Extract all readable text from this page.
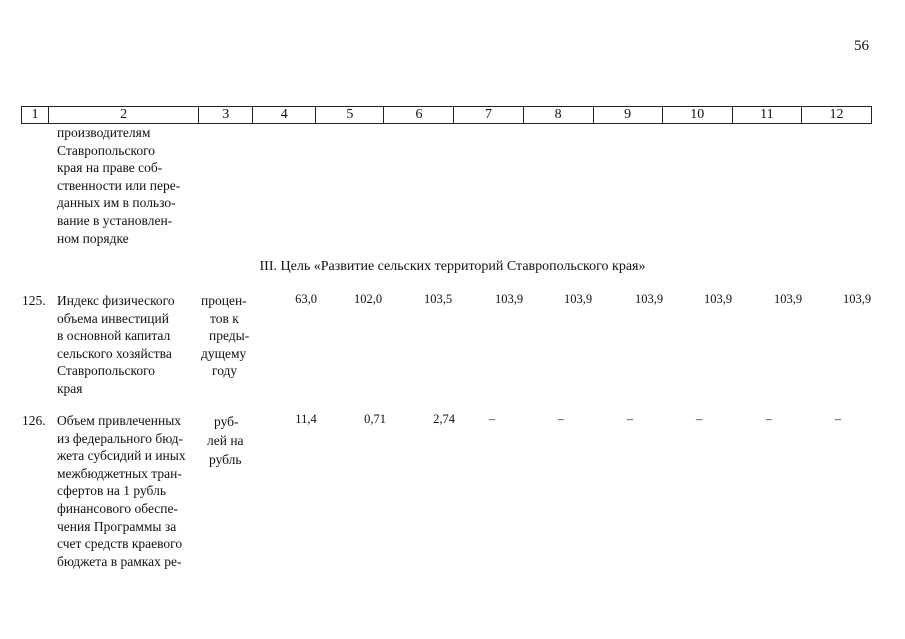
56
1	2	3	4	5	6	7	8	9	10	11	12
производителям
Ставропольского
края на праве соб-
ственности или пере-
данных им в пользо-
вание в установлен-
ном порядке
III. Цель «Развитие сельских территорий Ставропольского края»
125. Индекс физического
объема инвестиций
в основной капитал
сельского хозяйства
Ставропольского
края
процен-
тов к
преды-
дущему
году
63,0	102,0	103,5	103,9	103,9	103,9	103,9	103,9	103,9
126. Объем привлеченных
из федерального бюд-
жета субсидий и иных
межбюджетных тран-
сфертов на 1 рубль
финансового обеспе-
чения Программы за
счет средств краевого
бюджета в рамках ре-
руб-
лей на
рубль
11,4	0,71	2,74	–	–	–	–	–	–
